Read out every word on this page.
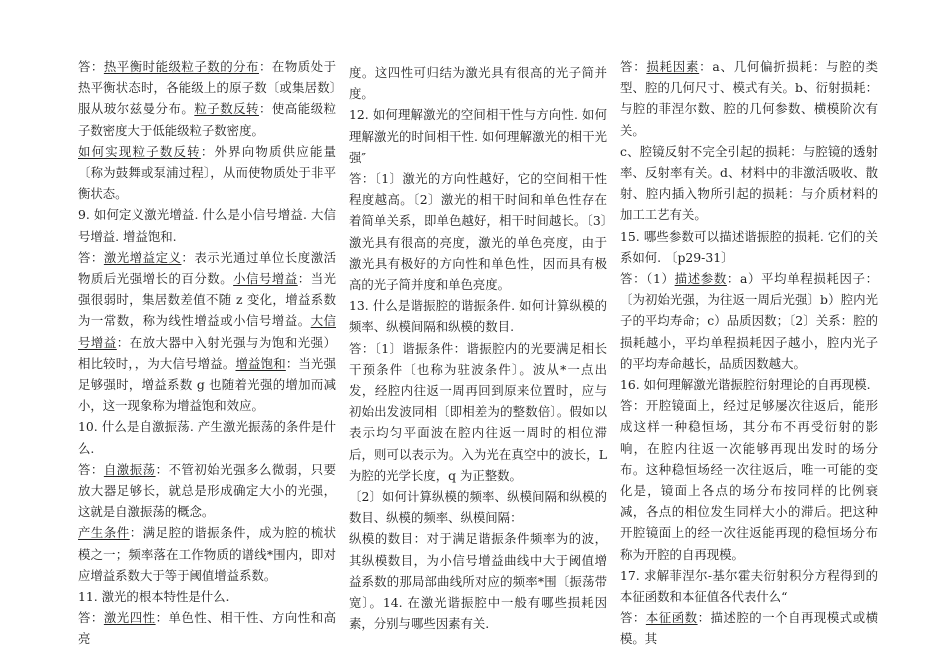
答：热平衡时能级粒子数的分布：在物质处于热平衡状态时，各能级上的原子数〔或集居数〕服从玻尔兹曼分布。粒子数反转：使高能级粒子数密度大于低能级粒子数密度。

如何实现粒子数反转：外界向物质供应能量〔称为鼓舞或泵浦过程〕，从而使物质处于非平衡状态。

9. 如何定义激光增益. 什么是小信号增益. 大信号增益. 增益饱和.

答：激光增益定义：表示光通过单位长度激活物质后光强增长的百分数。小信号增益：当光强很弱时，集居数差值不随 z 变化，增益系数为一常数，称为线性增益或小信号增益。大信号增益：在放大器中入射光强与为饱和光强）相比较时，，为大信号增益。增益饱和：当光强足够强时，增益系数 g 也随着光强的增加而减小，这一现象称为增益饱和效应。

10. 什么是自激振荡. 产生激光振荡的条件是什么.

答：自激振荡：不管初始光强多么微弱，只要放大器足够长，就总是形成确定大小的光强，这就是自激振荡的概念。

产生条件：满足腔的谐振条件，成为腔的梳状模之一；频率落在工作物质的谱线*围内，即对应增益系数大于等于阈值增益系数。

11. 激光的根本特性是什么.

答：激光四性：单色性、相干性、方向性和高亮

度。这四性可归结为激光具有很高的光子简并度。

12. 如何理解激光的空间相干性与方向性. 如何理解激光的时间相干性. 如何理解激光的相干光强″

答：〔1〕激光的方向性越好，它的空间相干性程度越高。〔2〕激光的相干时间和单色性存在着简单关系，即单色越好，相干时间越长。〔3〕激光具有很高的亮度，激光的单色亮度，由于激光具有极好的方向性和单色性，因而具有极高的光子简并度和单色亮度。

13. 什么是谐振腔的谐振条件. 如何计算纵模的频率、纵模间隔和纵模的数目.

答：〔1〕谐振条件：谐振腔内的光要满足相长干预条件〔也称为驻波条件〕。波从*一点出发，经腔内往返一周再回到原来位置时，应与初始出发波同相〔即相差为的整数倍〕。假如以表示均匀平面波在腔内往返一周时的相位滞后，则可以表示为。入为光在真空中的波长，L 为腔的光学长度，q 为正整数。

〔2〕如何计算纵模的频率、纵模间隔和纵模的数目、纵模的频率、纵模间隔：

纵模的数目：对于满足谐振条件频率为的波，其纵模数目，为小信号增益曲线中大于阈值增益系数的那局部曲线所对应的频率*围〔振荡带宽〕。14. 在激光谐振腔中一般有哪些损耗因素，分别与哪些因素有关.

答：损耗因素：a、几何偏折损耗：与腔的类型、腔的几何尺寸、模式有关。b、衍射损耗：与腔的菲涅尔数、腔的几何参数、横模阶次有关。

c、腔镜反射不完全引起的损耗：与腔镜的透射率、反射率有关。d、材料中的非激活吸收、散射、腔内插入物所引起的损耗：与介质材料的加工工艺有关。

15. 哪些参数可以描述谐振腔的损耗. 它们的关系如何. 〔p29-31〕

答：（1）描述参数：a）平均单程损耗因子：〔为初始光强，为往返一周后光强〕b）腔内光子的平均寿命；c）品质因数；〔2〕关系：腔的损耗越小，平均单程损耗因子越小，腔内光子的平均寿命越长，品质因数越大。

16. 如何理解激光谐振腔衍射理论的自再现模.

答：开腔镜面上，经过足够屡次往返后，能形成这样一种稳恒场，其分布不再受衍射的影响，在腔内往返一次能够再现出发时的场分布。这种稳恒场经一次往返后，唯一可能的变化是，镜面上各点的场分布按同样的比例衰减，各点的相位发生同样大小的滞后。把这种开腔镜面上的经一次往返能再现的稳恒场分布称为开腔的自再现模。

17. 求解菲涅尔-基尔霍夫衍射积分方程得到的本征函数和本征值各代表什么“

答：本征函数：描述腔的一个自再现模式或横模。其
